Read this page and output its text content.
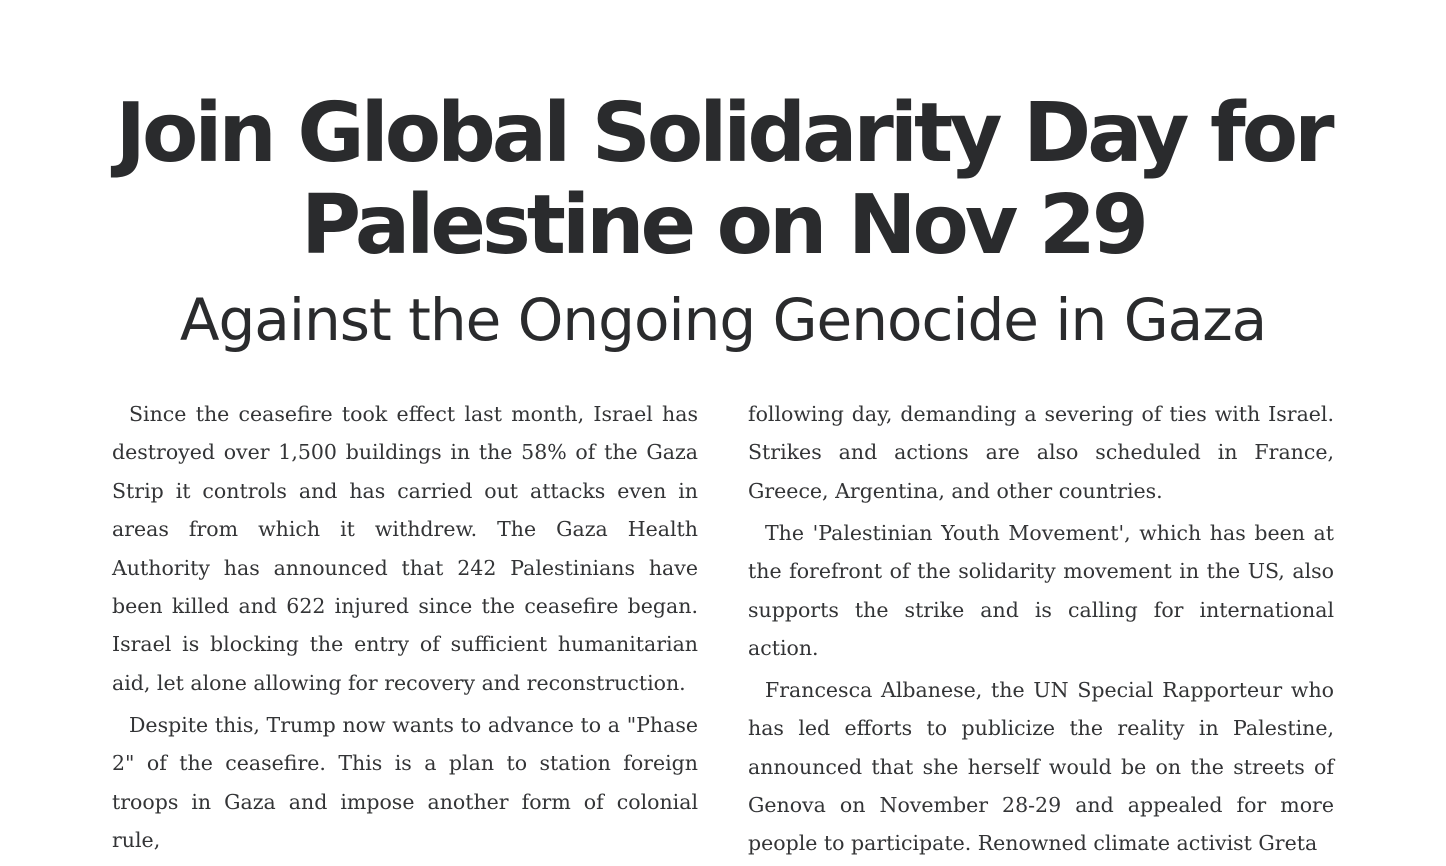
Join Global Solidarity Day for
Palestine on Nov 29
Against the Ongoing Genocide in Gaza

Since the ceasefire took effect last month, Israel has destroyed over 1,500 buildings in the 58% of the Gaza Strip it controls and has carried out attacks even in areas from which it withdrew. The Gaza Health Authority has announced that 242 Palestinians have been killed and 622 injured since the ceasefire began. Israel is blocking the entry of sufficient humanitarian aid, let alone allowing for recovery and reconstruction.

Despite this, Trump now wants to advance to a "Phase 2" of the ceasefire. This is a plan to station foreign troops in Gaza and impose another form of colonial rule,

following day, demanding a severing of ties with Israel. Strikes and actions are also scheduled in France, Greece, Argentina, and other countries.

The 'Palestinian Youth Movement', which has been at the forefront of the solidarity movement in the US, also supports the strike and is calling for international action.

Francesca Albanese, the UN Special Rapporteur who has led efforts to publicize the reality in Palestine, announced that she herself would be on the streets of Genova on November 28-29 and appealed for more people to participate. Renowned climate activist Greta
